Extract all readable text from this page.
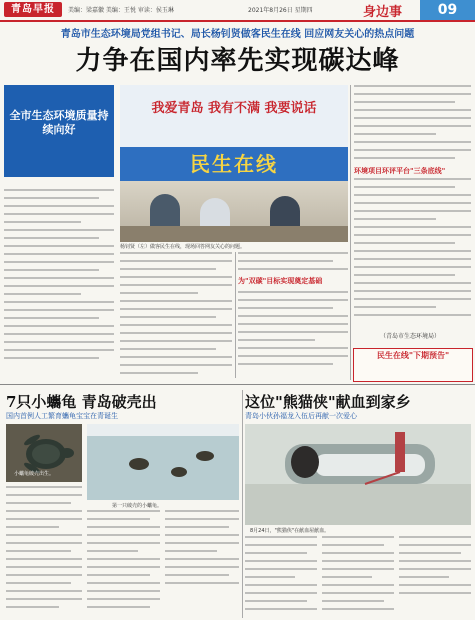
青岛早报	美编：梁嘉徽 美编：王悦 审读：侯玉琳	2021年8月26日 星期四	身边事	09
青岛市生态环境局党组书记、局长杨钊贤做客民生在线 回应网友关心的热点问题
力争在国内率先实现碳达峰
全市生态环境质量持续向好
我爱青岛 我有不满 我要说话
民生在线
杨钊贤（左）做客民生在线，现场回答网友关心的问题。
为"双碳"目标实现奠定基础
环境项目环评平台"三条底线"
（青岛市生态环境局）
民生在线"下期预告"
7只小蠵龟 青岛破壳出
国内首例人工繁育蠵龟宝宝在青诞生
小蠵龟破壳出生。
第一只破壳的小蠵龟。
这位"熊猫侠"献血到家乡
青岛小伙孙福龙入伍后再献一次爱心
8月24日，"熊猫侠"在献血屋献血。
